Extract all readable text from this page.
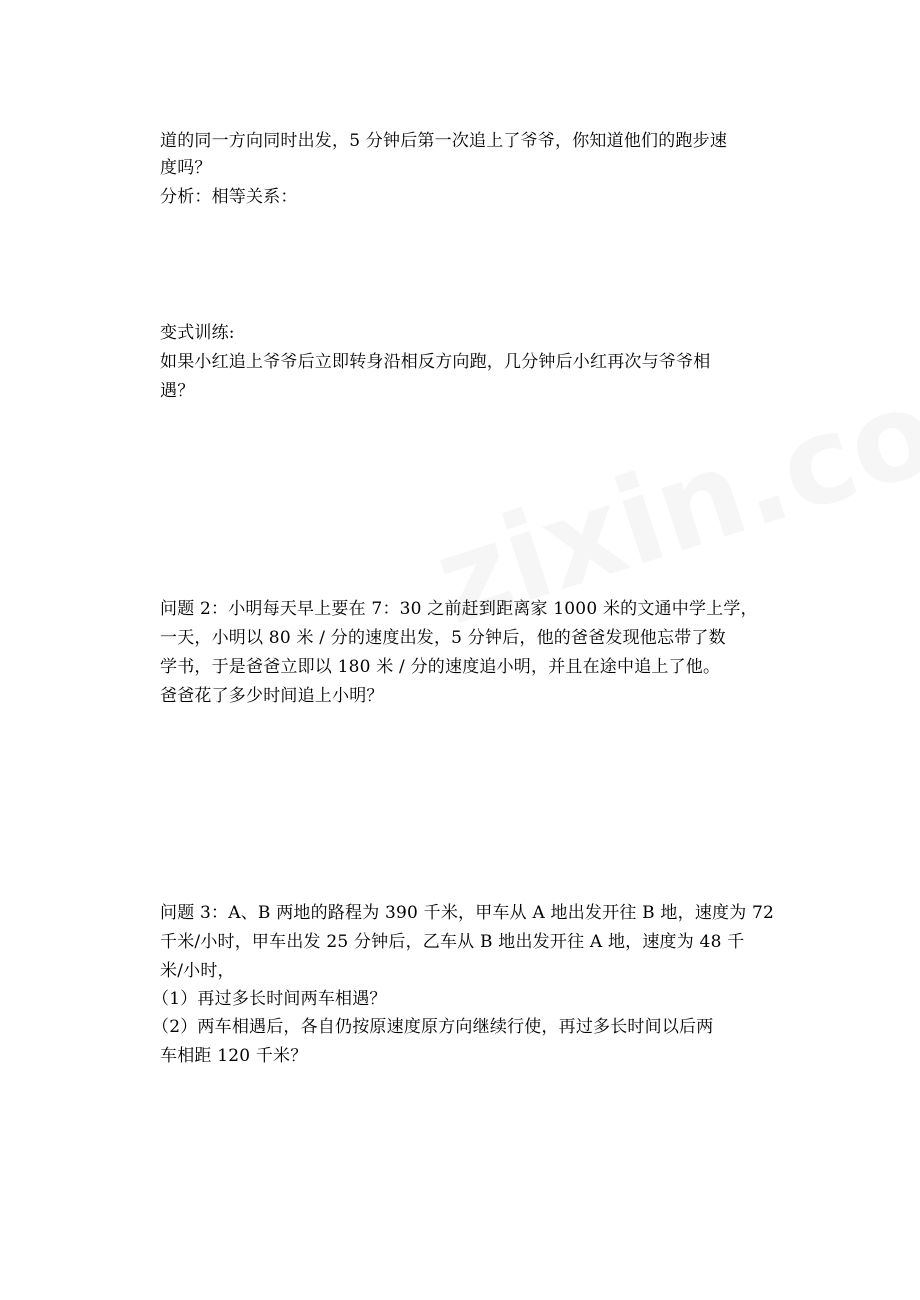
道的同一方向同时出发，5 分钟后第一次追上了爷爷，你知道他们的跑步速
度吗？
分析：相等关系：
变式训练:
如果小红追上爷爷后立即转身沿相反方向跑，几分钟后小红再次与爷爷相
遇？
问题 2：小明每天早上要在 7：30 之前赶到距离家 1000 米的文通中学上学，
一天，小明以 80 米 / 分的速度出发，5 分钟后，他的爸爸发现他忘带了数
学书，于是爸爸立即以 180 米 / 分的速度追小明，并且在途中追上了他。
爸爸花了多少时间追上小明？
问题 3：A、B 两地的路程为 390 千米，甲车从 A 地出发开往 B 地，速度为 72
千米/小时，甲车出发 25 分钟后，乙车从 B 地出发开往 A 地，速度为 48 千
米/小时，
（1）再过多长时间两车相遇？
（2）两车相遇后，各自仍按原速度原方向继续行使，再过多长时间以后两
车相距 120 千米？
